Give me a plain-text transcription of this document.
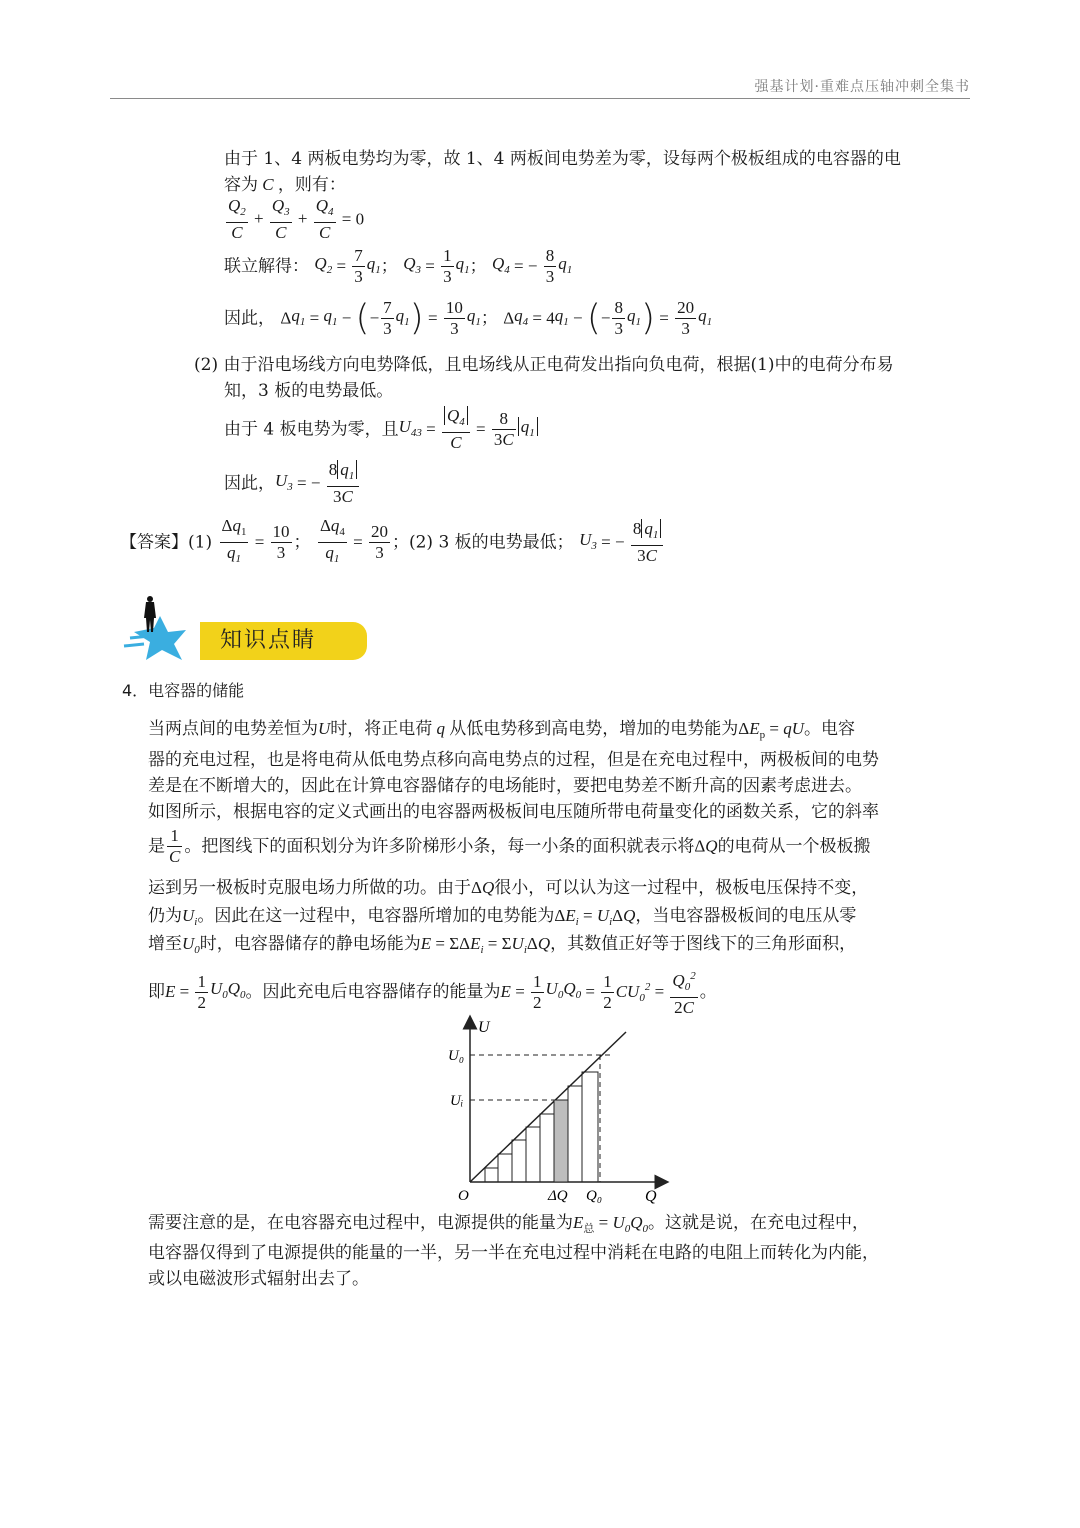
强基计划·重难点压轴冲刺全集书
由于 1、4 两板电势均为零，故 1、4 两板间电势差为零，设每两个极板组成的电容器的电
容为 C ，则有：
$\frac{Q_2}{C} + \frac{Q_3}{C} + \frac{Q_4}{C} = 0$
联立解得： $Q_2 = \frac{7}{3} q_1$； $Q_3 = \frac{1}{3} q_1$； $Q_4$ = − $\frac{8}{3} q_1$
因此， $\Delta q_1 = q_1$ − (− $\frac{7}{3} q_1) = \frac{10}{3} q_1$； $\Delta q_4 = 4q_1$ − (− $\frac{8}{3} q_1) = \frac{20}{3} q_1$
(2) 由于沿电场线方向电势降低，且电场线从正电荷发出指向负电荷，根据(1)中的电荷分布易
知，3 板的电势最低。
由于 4 板电势为零，且$U_{43} = \frac{Q_4}{C} = \frac{8}{3C} q_1$
因此，$U_3$ = − $\frac{8 q_1}{3C}$
【答案】$(1) \frac{\Delta q_1}{q_1} = \frac{10}{3}$ ； $\frac{\Delta q_4}{q_1} = \frac{20}{3}$ ；(2) 3 板的电势最低； $U_3$ = − $\frac{8 q_1}{3C}$
知识点睛
4．电容器的储能
当两点间的电势差恒为U时，将正电荷 q 从低电势移到高电势，增加的电势能为$\Delta E_p$ = qU。电容
器的充电过程，也是将电荷从低电势点移向高电势点的过程，但是在充电过程中，两极板间的电势
差是在不断增大的，因此在计算电容器储存的电场能时，要把电势差不断升高的因素考虑进去。
如图所示，根据电容的定义式画出的电容器两极板间电压随所带电荷量变化的函数关系，它的斜率
是 $\frac{1}{C}$ 。把图线下的面积划分为许多阶梯形小条，每一小条的面积就表示将ΔQ的电荷从一个极板搬
运到另一极板时克服电场力所做的功。由于ΔQ很小，可以认为这一过程中，极板电压保持不变，
仍为$U_i$。因此在这一过程中，电容器所增加的电势能为$\Delta E_i = U_i\Delta Q$，当电容器极板间的电压从零
增至$U_0$时，电容器储存的静电场能为$E = \Sigma\Delta E_i = \Sigma U_i\Delta Q$，其数值正好等于图线下的三角形面积，
即$E = \frac{1}{2} U_0Q_0$。因此充电后电容器储存的能量为$E = \frac{1}{2} U_0Q_0 = \frac{1}{2} CU_0^2 = \frac{Q_0^2}{2C}$ 。
U
Q
O
U₀
Uᵢ
ΔQ Q₀
需要注意的是，在电容器充电过程中，电源提供的能量为$E_总 = U_0Q_0$。这就是说，在充电过程中，
电容器仅得到了电源提供的能量的一半，另一半在充电过程中消耗在电路的电阻上而转化为内能，
或以电磁波形式辐射出去了。
